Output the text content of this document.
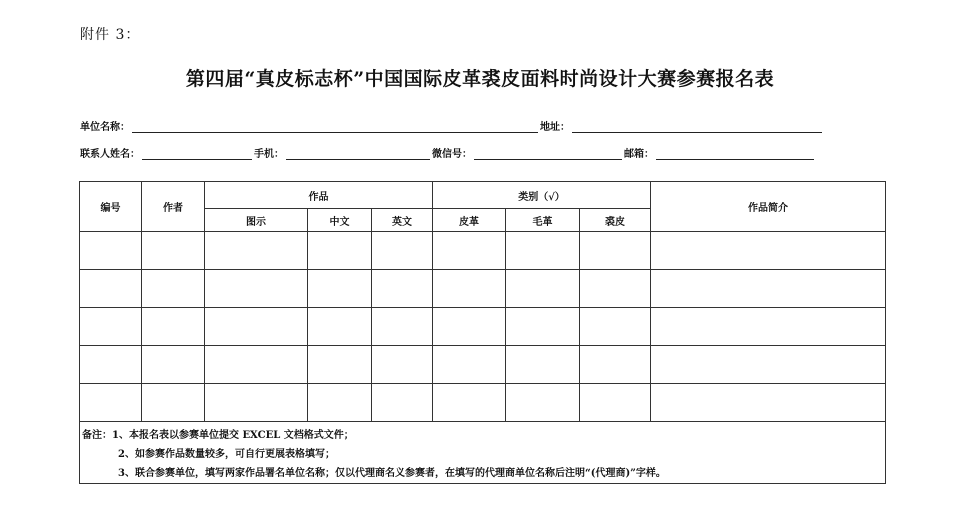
附件 3：
第四届“真皮标志杯”中国国际皮革裘皮面料时尚设计大赛参赛报名表
单位名称：	地址：
联系人姓名：	手机：	微信号：	邮箱：
编号	作者	作品			类别（√）			作品简介
		图示	中文	英文	皮革	毛革	裘皮	

备注：1、本报名表以参赛单位提交 EXCEL 文档格式文件；
2、如参赛作品数量较多，可自行更展表格填写；
3、联合参赛单位，填写两家作品署名单位名称；仅以代理商名义参赛者，在填写的代理商单位名称后注明“(代理商)”字样。								
